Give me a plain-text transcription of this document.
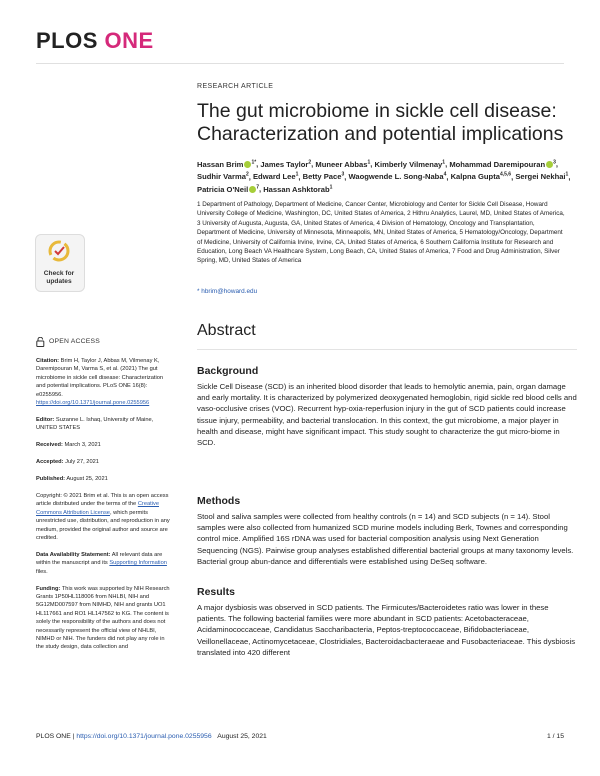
PLOS ONE
RESEARCH ARTICLE
The gut microbiome in sickle cell disease: Characterization and potential implications
Hassan Brim $^{1*}$, James Taylor$^2$, Muneer Abbas$^1$, Kimberly Vilmenay$^1$, Mohammad Daremipouran $^3$, Sudhir Varma$^2$, Edward Lee$^1$, Betty Pace$^3$, Waogwende L. Song-Naba$^4$, Kalpna Gupta$^{4,5,6}$, Sergei Nekhai$^1$, Patricia O'Neil $^7$, Hassan Ashktorab$^1$
1 Department of Pathology, Department of Medicine, Cancer Center, Microbiology and Center for Sickle Cell Disease, Howard University College of Medicine, Washington, DC, United States of America, 2 Hithru Analytics, Laurel, MD, United States of America, 3 University of Augusta, Augusta, GA, United States of America, 4 Division of Hematology, Oncology and Transplantation, Department of Medicine, University of Minnesota, Minneapolis, MN, United States of America, 5 Hematology/Oncology, Department of Medicine, University of California Irvine, Irvine, CA, United States of America, 6 Southern California Institute for Research and Education, Long Beach VA Healthcare System, Long Beach, CA, United States of America, 7 Food and Drug Administration, Silver Spring, MD, United States of America
* hbrim@howard.edu
Check for
updates
OPEN ACCESS

Citation: Brim H, Taylor J, Abbas M, Vilmenay K, Daremipouran M, Varma S, et al. (2021) The gut microbiome in sickle cell disease: Characterization and potential implications. PLoS ONE 16(8): e0255956. https://doi.org/10.1371/journal.pone.0255956

Editor: Suzanne L. Ishaq, University of Maine, UNITED STATES

Received: March 3, 2021

Accepted: July 27, 2021

Published: August 25, 2021

Copyright: © 2021 Brim et al. This is an open access article distributed under the terms of the Creative Commons Attribution License, which permits unrestricted use, distribution, and reproduction in any medium, provided the original author and source are credited.

Data Availability Statement: All relevant data are within the manuscript and its Supporting Information files.

Funding: This work was supported by NIH Research Grants 1P50HL118006 from NHLBI, NIH and 5G12MD007597 from NIMHD, NIH and grants UO1 HL117661 and RO1 HL147562 to KG. The content is solely the responsibility of the authors and does not necessarily represent the official view of NHLBI, NIMHD or NIH. The funders did not play any role in the study design, data collection and

Abstract
Background
Sickle Cell Disease (SCD) is an inherited blood disorder that leads to hemolytic anemia, pain, organ damage and early mortality. It is characterized by polymerized deoxygenated hemoglobin, rigid sickle red blood cells and vaso-occlusive crises (VOC). Recurrent hyp-oxia-reperfusion injury in the gut of SCD patients could increase tissue injury, permeability, and bacterial translocation. In this context, the gut microbiome, a major player in health and disease, might have significant impact. This study sought to characterize the gut micro-biome in SCD.
Methods
Stool and saliva samples were collected from healthy controls (n = 14) and SCD subjects (n = 14). Stool samples were also collected from humanized SCD murine models including Berk, Townes and corresponding control mice. Amplified 16S rDNA was used for bacterial composition analysis using Next Generation Sequencing (NGS). Pairwise group analyses established differential bacterial groups at many taxonomy levels. Bacterial group abun-dance and differentials were established using DeSeq software.
Results
A major dysbiosis was observed in SCD patients. The Firmicutes/Bacteroidetes ratio was lower in these patients. The following bacterial families were more abundant in SCD patients: Acetobacteraceae, Acidaminococcaceae, Candidatus Saccharibacteria, Peptos-treptococcaceae, Bifidobacteriaceae, Veillonellaceae, Actinomycetaceae, Clostridiales, Bacteroidacbacteraeae and Fusobacteriaceae. This dysbiosis translated into 420 different
PLOS ONE | https://doi.org/10.1371/journal.pone.0255956 August 25, 2021	1 / 15
